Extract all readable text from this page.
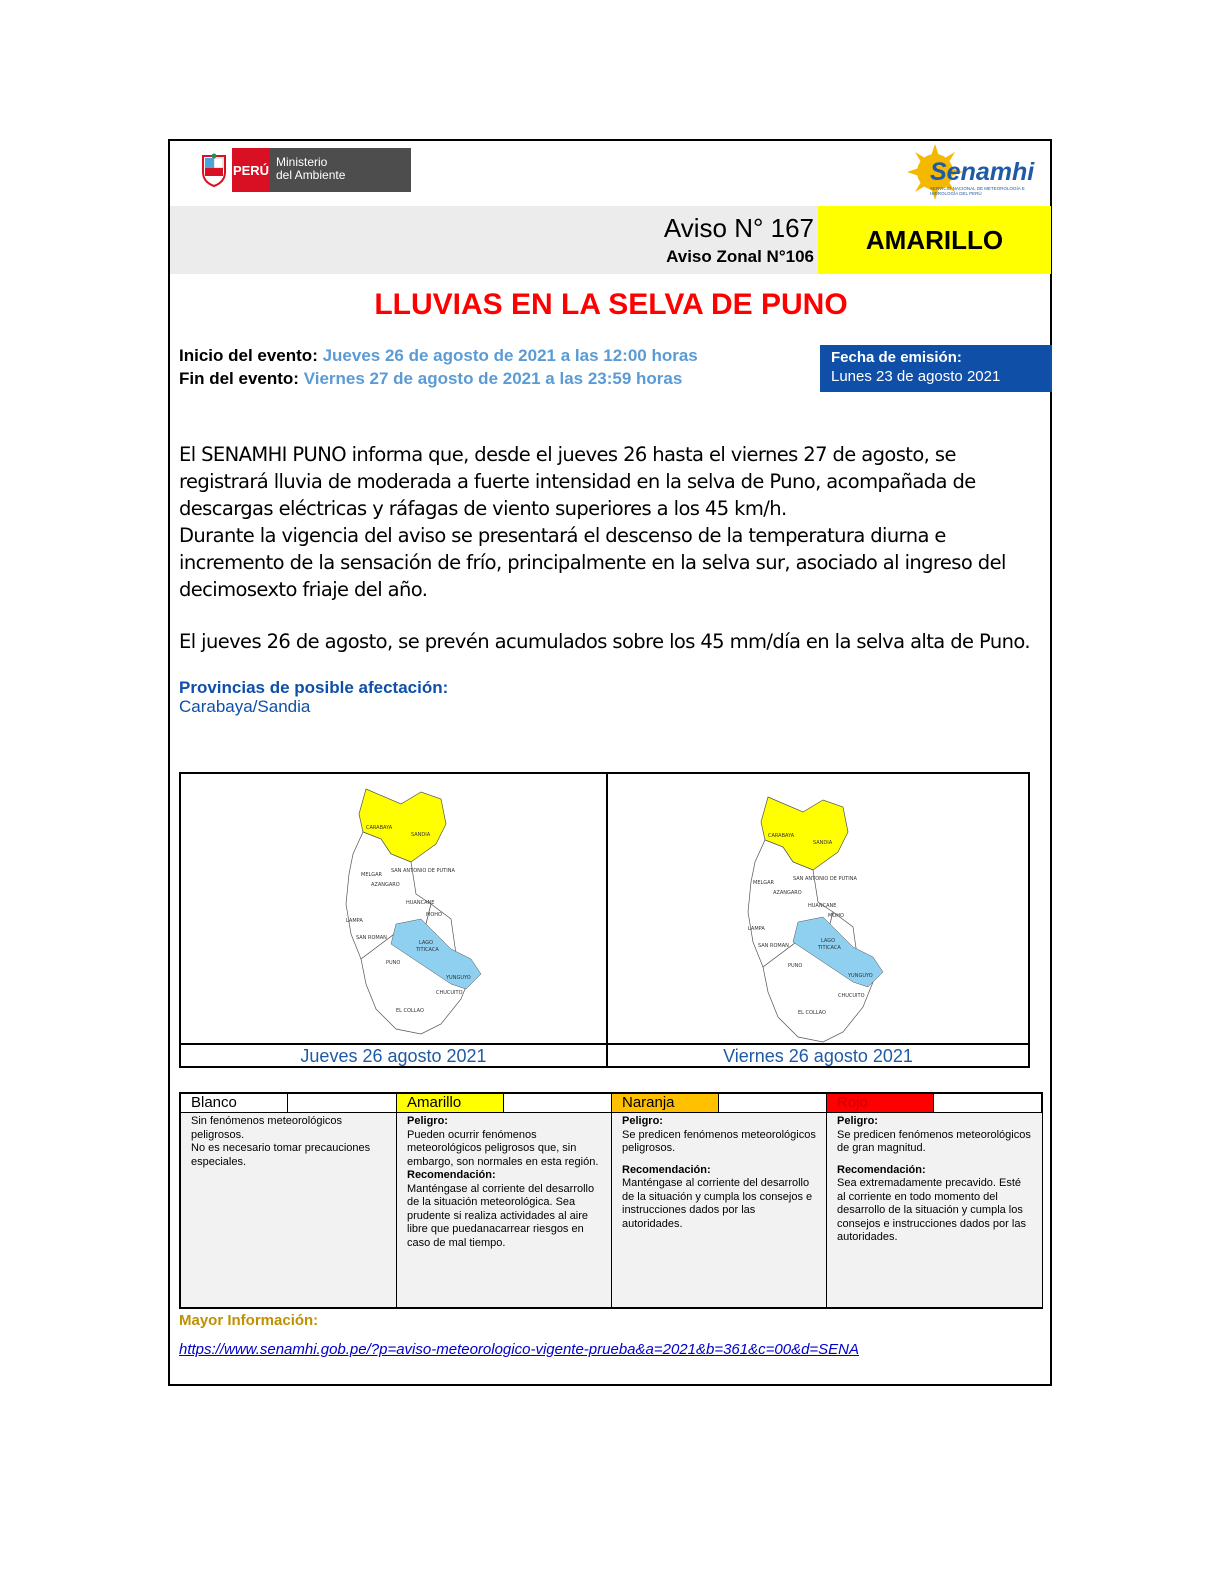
PERÚ
Ministerio
del Ambiente	Senamhi
SERVICIO NACIONAL DE METEOROLOGÍA E HIDROLOGÍA DEL PERÚ
Aviso N° 167
Aviso Zonal N°106
AMARILLO
LLUVIAS EN LA SELVA DE PUNO
Inicio del evento: Jueves 26 de agosto de 2021 a las 12:00 horas
Fin del evento: Viernes 27 de agosto de 2021 a las 23:59 horas
Fecha de emisión:
Lunes 23 de agosto 2021
El SENAMHI PUNO informa que, desde el jueves 26 hasta el viernes 27 de agosto, se registrará lluvia de moderada a fuerte intensidad en la selva de Puno, acompañada de descargas eléctricas y ráfagas de viento superiores a los 45 km/h.
Durante la vigencia del aviso se presentará el descenso de la temperatura diurna e incremento de la sensación de frío, principalmente en la selva sur, asociado al ingreso del decimosexto friaje del año.
El jueves 26 de agosto, se prevén acumulados sobre los 45 mm/día en la selva alta de Puno.
Provincias de posible afectación:
Carabaya/Sandia
CARABAYA
SANDIA
MELGAR
AZANGARO
SAN ANTONIO DE PUTINA
HUANCANE
MOHO
LAMPA
SAN ROMAN
LAGO
TITICACA
PUNO
YUNGUYO
CHUCUITO
EL COLLAO
CARABAYA
SANDIA
MELGAR
AZANGARO
SAN ANTONIO DE PUTINA
HUANCANE
MOHO
LAMPA
SAN ROMAN
LAGO
TITICACA
PUNO
YUNGUYO
CHUCUITO
EL COLLAO
Jueves 26 agosto 2021	Viernes 26 agosto 2021
Blanco
Sin fenómenos meteorológicos peligrosos.
No es necesario tomar precauciones especiales.
Amarillo
Peligro:
Pueden ocurrir fenómenos meteorológicos peligrosos que, sin embargo, son normales en esta región.
Recomendación:
Manténgase al corriente del desarrollo de la situación meteorológica. Sea prudente si realiza actividades al aire libre que puedanacarrear riesgos en caso de mal tiempo.
Naranja
Peligro:
Se predicen fenómenos meteorológicos peligrosos.
Recomendación:
Manténgase al corriente del desarrollo de la situación y cumpla los consejos e instrucciones dados por las autoridades.
Rojo
Peligro:
Se predicen fenómenos meteorológicos de gran magnitud.
Recomendación:
Sea extremadamente precavido. Esté al corriente en todo momento del desarrollo de la situación y cumpla los consejos e instrucciones dados por las autoridades.
Mayor Información:
https://www.senamhi.gob.pe/?p=aviso-meteorologico-vigente-prueba&a=2021&b=361&c=00&d=SENA
